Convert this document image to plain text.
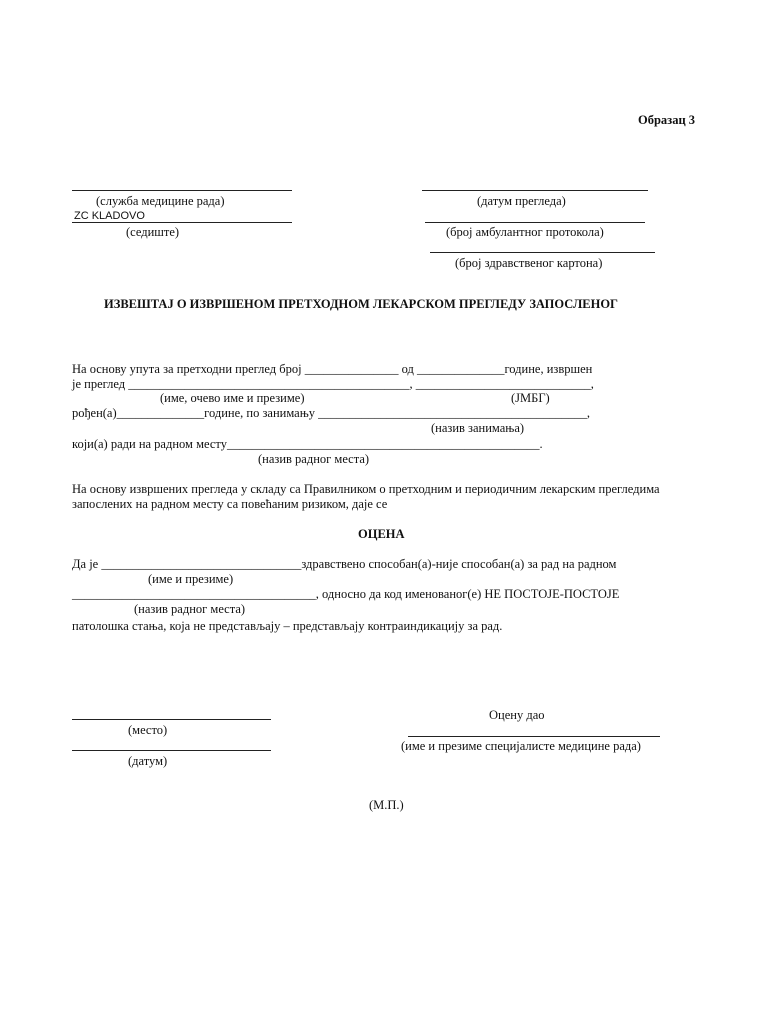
Образац 3
(служба медицине рада)
ZC KLADOVO
(седиште)
(датум прегледа)
(број амбулантног протокола)
(број здравственог картона)
ИЗВЕШТАЈ О ИЗВРШЕНОМ ПРЕТХОДНОМ ЛЕКАРСКОМ ПРЕГЛЕДУ ЗАПОСЛЕНОГ
На основу упута за претходни преглед број _______________ од ______________године, извршен
је преглед _____________________________________________, ____________________________,
(име, очево име и презиме)	(ЈМБГ)
рођен(а)______________године, по занимању ___________________________________________,
(назив занимања)
који(а) ради на радном месту__________________________________________________.
(назив радног места)
На основу извршених прегледа у складу са Правилником о претходним и периодичним лекарским прегледима
запослених на радном месту са повећаним ризиком, даје се
ОЦЕНА
Да је ________________________________здравствено способан(а)-није способан(а) за рад на радном
(име и презиме)
_______________________________________, односно да код именованог(е) НЕ ПОСТОЈЕ-ПОСТОЈЕ
(назив радног места)
патолошка стања, која не представљају – представљају контраиндикацију за рад.
(место)
(датум)
Оцену дао
(име и презиме специјалисте медицине рада)
(М.П.)
